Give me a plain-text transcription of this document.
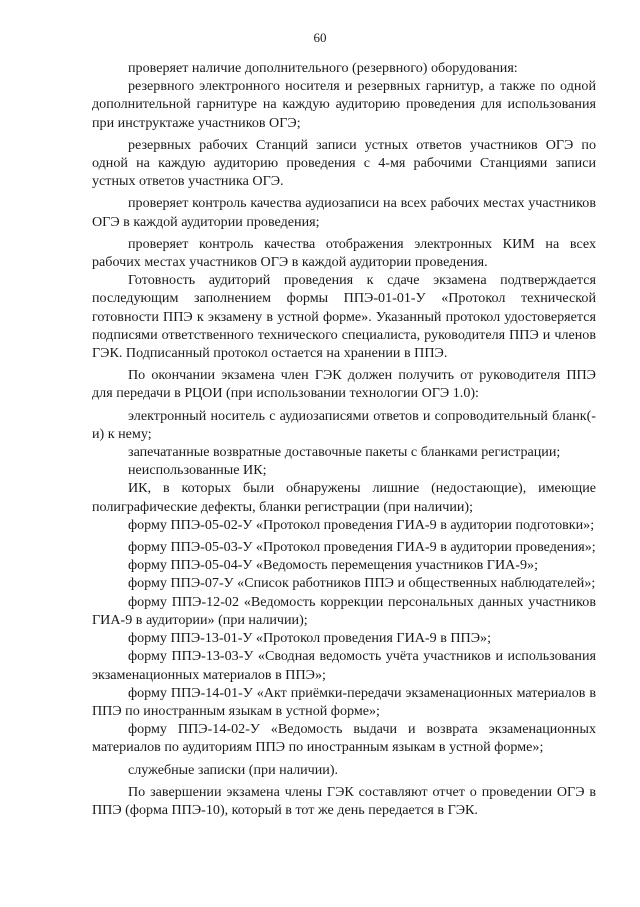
60

проверяет наличие дополнительного (резервного) оборудования:

резервного электронного носителя и резервных гарнитур, а также по одной дополнительной гарнитуре на каждую аудиторию проведения для использования при инструктаже участников ОГЭ;

резервных рабочих Станций записи устных ответов участников ОГЭ по одной на каждую аудиторию проведения с 4-мя рабочими Станциями записи устных ответов участника ОГЭ.

проверяет контроль качества аудиозаписи на всех рабочих местах участников ОГЭ в каждой аудитории проведения;

проверяет контроль качества отображения электронных КИМ на всех рабочих местах участников ОГЭ в каждой аудитории проведения.

Готовность аудиторий проведения к сдаче экзамена подтверждается последующим заполнением формы ППЭ-01-01-У «Протокол технической готовности ППЭ к экзамену в устной форме». Указанный протокол удостоверяется подписями ответственного технического специалиста, руководителя ППЭ и членов ГЭК. Подписанный протокол остается на хранении в ППЭ.

По окончании экзамена член ГЭК должен получить от руководителя ППЭ для передачи в РЦОИ (при использовании технологии ОГЭ 1.0):

электронный носитель с аудиозаписями ответов и сопроводительный бланк(-и) к нему;

запечатанные возвратные доставочные пакеты с бланками регистрации;

неиспользованные ИК;

ИК, в которых были обнаружены лишние (недостающие), имеющие полиграфические дефекты, бланки регистрации (при наличии);

форму ППЭ-05-02-У «Протокол проведения ГИА-9 в аудитории подготовки»;

форму ППЭ-05-03-У «Протокол проведения ГИА-9 в аудитории проведения»;

форму ППЭ-05-04-У «Ведомость перемещения участников ГИА-9»;

форму ППЭ-07-У «Список работников ППЭ и общественных наблюдателей»;

форму ППЭ-12-02 «Ведомость коррекции персональных данных участников ГИА-9 в аудитории» (при наличии);

форму ППЭ-13-01-У «Протокол проведения ГИА-9 в ППЭ»;

форму ППЭ-13-03-У «Сводная ведомость учёта участников и использования экзаменационных материалов в ППЭ»;

форму ППЭ-14-01-У «Акт приёмки-передачи экзаменационных материалов в ППЭ по иностранным языкам в устной форме»;

форму ППЭ-14-02-У «Ведомость выдачи и возврата экзаменационных материалов по аудиториям ППЭ по иностранным языкам в устной форме»;

служебные записки (при наличии).

По завершении экзамена члены ГЭК составляют отчет о проведении ОГЭ в ППЭ (форма ППЭ-10), который в тот же день передается в ГЭК.
